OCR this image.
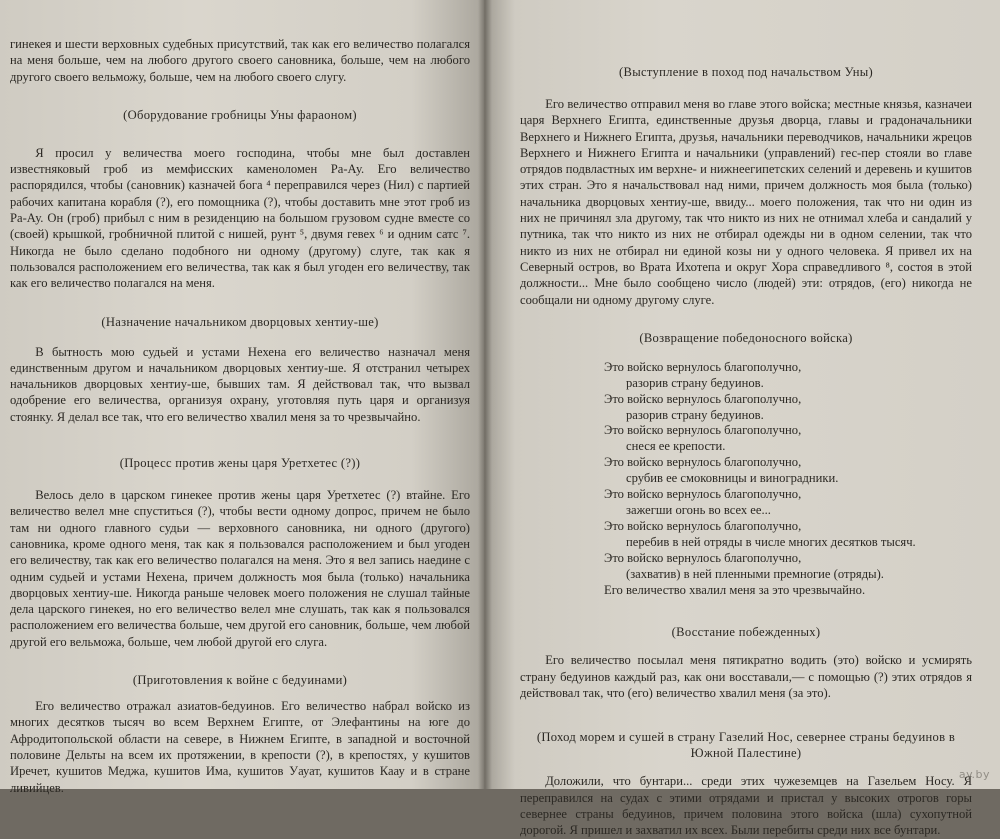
гинекея и шести верховных судебных присутствий, так как его величество полагался на меня больше, чем на любого другого своего сановника, больше, чем на любого другого своего вельможу, больше, чем на любого своего слугу.

(Оборудование гробницы Уны фараоном)

Я просил у величества моего господина, чтобы мне был доставлен известняковый гроб из мемфисских каменоломен Ра-Ау. Его величество распорядился, чтобы (сановник) казначей бога ⁴ переправился через (Нил) с партией рабочих капитана корабля (?), его помощника (?), чтобы доставить мне этот гроб из Ра-Ау. Он (гроб) прибыл с ним в резиденцию на большом грузовом судне вместе со (своей) крышкой, гробничной плитой с нишей, рунт ⁵, двумя гевех ⁶ и одним сатс ⁷. Никогда не было сделано подобного ни одному (другому) слуге, так как я пользовался расположением его величества, так как я был угоден его величеству, так как его величество полагался на меня.

(Назначение начальником дворцовых хентиу-ше)

В бытность мою судьей и устами Нехена его величество назначал меня единственным другом и начальником дворцовых хентиу-ше. Я отстранил четырех начальников дворцовых хентиу-ше, бывших там. Я действовал так, что вызвал одобрение его величества, организуя охрану, уготовляя путь царя и организуя стоянку. Я делал все так, что его величество хвалил меня за то чрезвычайно.

(Процесс против жены царя Уретхетес (?))

Велось дело в царском гинекее против жены царя Уретхетес (?) втайне. Его величество велел мне спуститься (?), чтобы вести одному допрос, причем не было там ни одного главного судьи — верховного сановника, ни одного (другого) сановника, кроме одного меня, так как я пользовался расположением и был угоден его величеству, так как его величество полагался на меня. Это я вел запись наедине с одним судьей и устами Нехена, причем должность моя была (только) начальника дворцовых хентиу-ше. Никогда раньше человек моего положения не слушал тайные дела царского гинекея, но его величество велел мне слушать, так как я пользовался расположением его величества больше, чем другой его сановник, больше, чем любой другой его вельможа, больше, чем любой другой его слуга.

(Приготовления к войне с бедуинами)

Его величество отражал азиатов-бедуинов. Его величество набрал войско из многих десятков тысяч во всем Верхнем Египте, от Элефантины на юге до Афродитопольской области на севере, в Нижнем Египте, в западной и восточной половине Дельты на всем их протяжении, в крепости (?), в крепостях, у кушитов Иречет, кушитов Меджа, кушитов Има, кушитов Уауат, кушитов Каау и в стране ливийцев.

(Выступление в поход под начальством Уны)

Его величество отправил меня во главе этого войска; местные князья, казначеи царя Верхнего Египта, единственные друзья дворца, главы и градоначальники Верхнего и Нижнего Египта, друзья, начальники переводчиков, начальники жрецов Верхнего и Нижнего Египта и начальники (управлений) гес-пер стояли во главе отрядов подвластных им верхне- и нижнеегипетских селений и деревень и кушитов этих стран. Это я начальствовал над ними, причем должность моя была (только) начальника дворцовых хентиу-ше, ввиду... моего положения, так что ни один из них не причинял зла другому, так что никто из них не отнимал хлеба и сандалий у путника, так что никто из них не отбирал одежды ни в одном селении, так что никто из них не отбирал ни единой козы ни у одного человека. Я привел их на Северный остров, во Врата Ихотепа и округ Хора справедливого ⁸, состоя в этой должности... Мне было сообщено число (людей) эти: отрядов, (его) никогда не сообщали ни одному другому слуге.

(Возвращение победоносного войска)

Это войско вернулось благополучно,
разорив страну бедуинов.
Это войско вернулось благополучно,
разорив страну бедуинов.
Это войско вернулось благополучно,
снеся ее крепости.
Это войско вернулось благополучно,
срубив ее смоковницы и виноградники.
Это войско вернулось благополучно,
зажегши огонь во всех ее...
Это войско вернулось благополучно,
перебив в ней отряды в числе многих десятков тысяч.
Это войско вернулось благополучно,
(захватив) в ней пленными премногие (отряды).
Его величество хвалил меня за это чрезвычайно.

(Восстание побежденных)

Его величество посылал меня пятикратно водить (это) войско и усмирять страну бедуинов каждый раз, как они восставали,— с помощью (?) этих отрядов я действовал так, что (его) величество хвалил меня (за это).

(Поход морем и сушей в страну Газелий Нос, севернее страны бедуинов в Южной Палестине)

Доложили, что бунтари... среди этих чужеземцев на Газельем Носу. Я переправился на судах с этими отрядами и пристал у высоких отрогов горы севернее страны бедуинов, причем половина этого войска (шла) сухопутной дорогой. Я пришел и захватил их всех. Были перебиты среди них все бунтари.

ay.by
